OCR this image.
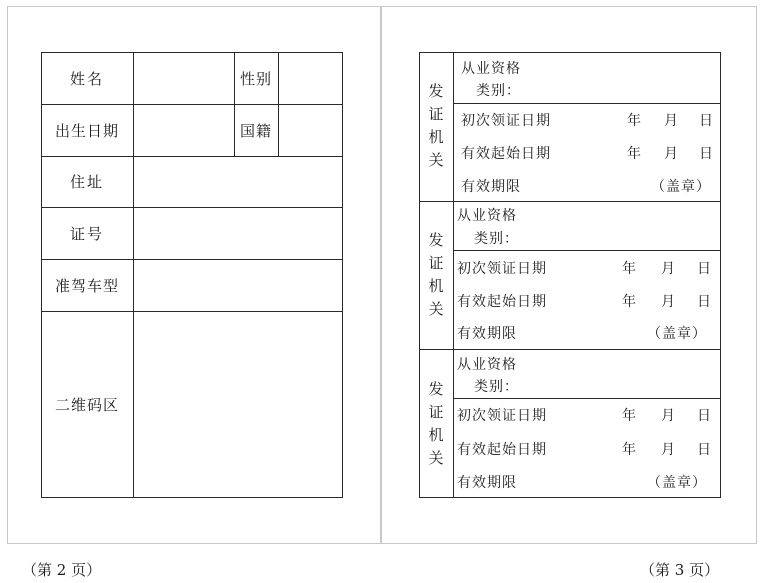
姓名	性别
出生日期	国籍
住址
证号
准驾车型
二维码区
（第 2 页）
发
证
机
关
从业资格
类别：
初次领证日期	年 月 日
有效起始日期	年 月 日
有效期限	（盖章）
发
证
机
关
从业资格
类别：
初次领证日期	年 月 日
有效起始日期	年 月 日
有效期限	（盖章）
发
证
机
关
从业资格
类别：
初次领证日期	年 月 日
有效起始日期	年 月 日
有效期限	（盖章）
（第 3 页）
